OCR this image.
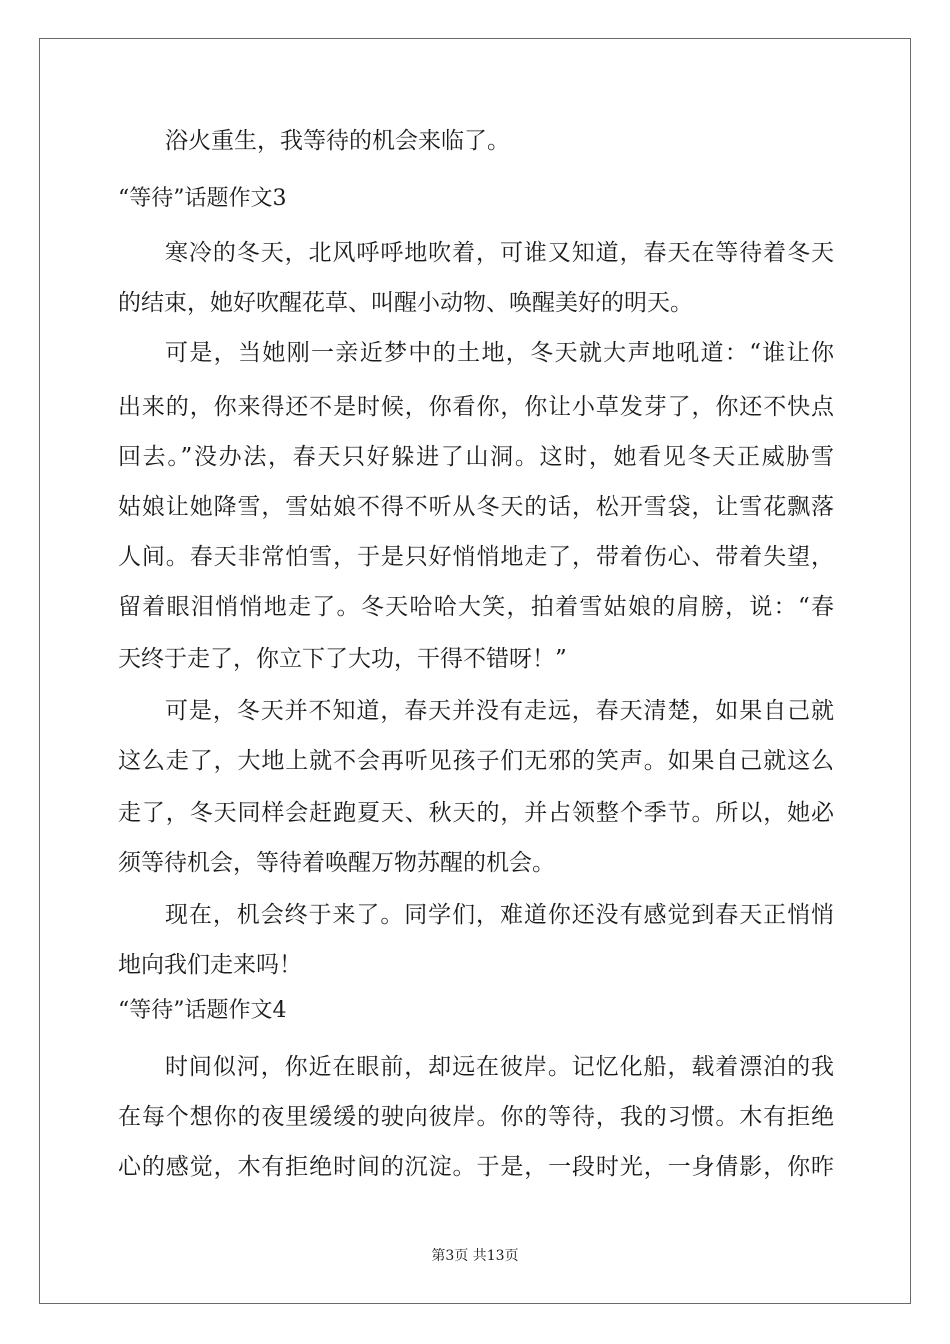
浴火重生，我等待的机会来临了。
“等待”话题作文3
寒冷的冬天，北风呼呼地吹着，可谁又知道，春天在等待着冬天
的结束，她好吹醒花草、叫醒小动物、唤醒美好的明天。
可是，当她刚一亲近梦中的土地，冬天就大声地吼道：“谁让你
出来的，你来得还不是时候，你看你，你让小草发芽了，你还不快点
回去。”没办法，春天只好躲进了山洞。这时，她看见冬天正威胁雪
姑娘让她降雪，雪姑娘不得不听从冬天的话，松开雪袋，让雪花飘落
人间。春天非常怕雪，于是只好悄悄地走了，带着伤心、带着失望，
留着眼泪悄悄地走了。冬天哈哈大笑，拍着雪姑娘的肩膀，说：“春
天终于走了，你立下了大功，干得不错呀！”
可是，冬天并不知道，春天并没有走远，春天清楚，如果自己就
这么走了，大地上就不会再听见孩子们无邪的笑声。如果自己就这么
走了，冬天同样会赶跑夏天、秋天的，并占领整个季节。所以，她必
须等待机会，等待着唤醒万物苏醒的机会。
现在，机会终于来了。同学们，难道你还没有感觉到春天正悄悄
地向我们走来吗！
“等待”话题作文4
时间似河，你近在眼前，却远在彼岸。记忆化船，载着漂泊的我
在每个想你的夜里缓缓的驶向彼岸。你的等待，我的习惯。木有拒绝
心的感觉，木有拒绝时间的沉淀。于是，一段时光，一身倩影，你昨
第3页 共13页
